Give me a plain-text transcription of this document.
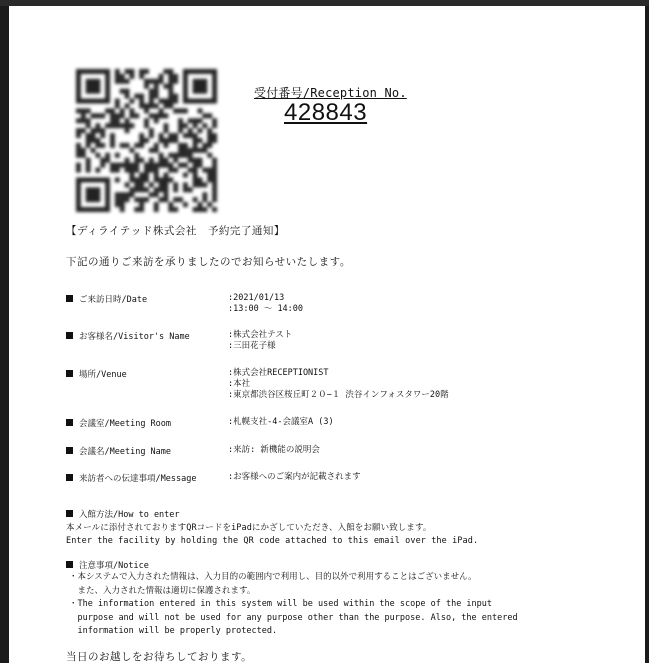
受付番号/Reception No.
428843
【ディライテッド株式会社　予約完了通知】
下記の通りご来訪を承りましたのでお知らせいたします。
ご来訪日時/Date	:2021/01/13
:13:00 〜 14:00
お客様名/Visitor's Name	:株式会社テスト
:三田花子様
場所/Venue	:株式会社RECEPTIONIST
:本社
:東京都渋谷区桜丘町２０−１ 渋谷インフォスタワー20階
会議室/Meeting Room	:札幌支社-4-会議室A (3)
会議名/Meeting Name	:来訪: 新機能の説明会
来訪者への伝達事項/Message	:お客様へのご案内が記載されます
入館方法/How to enter
本メールに添付されておりますQRコードをiPadにかざしていただき、入館をお願い致します。
Enter the facility by holding the QR code attached to this email over the iPad.
注意事項/Notice
・本システムで入力された情報は、入力目的の範囲内で利用し、目的以外で利用することはございません。
　また、入力された情報は適切に保護されます。
・The information entered in this system will be used within the scope of the input
　purpose and will not be used for any purpose other than the purpose. Also, the entered
　information will be properly protected.
当日のお越しをお待ちしております。
